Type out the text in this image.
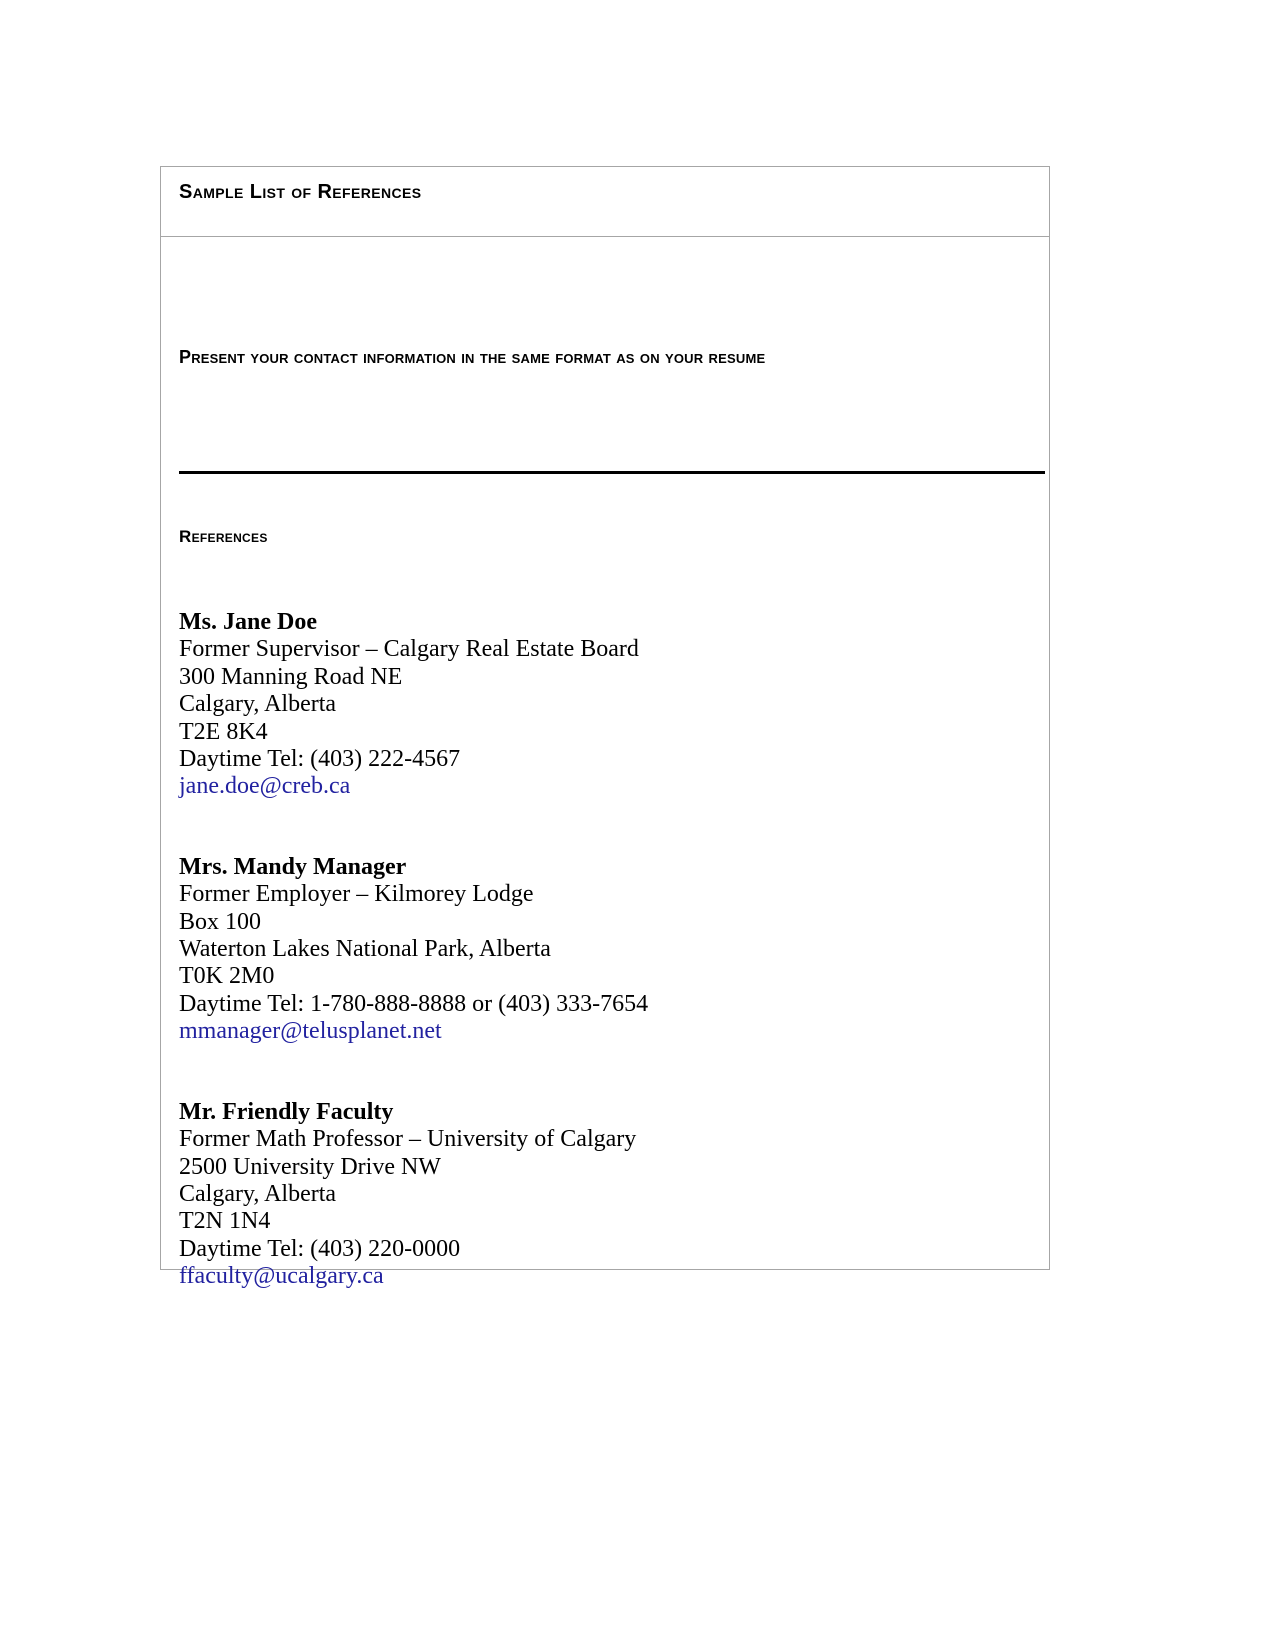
Sample List of References
Present your contact information in the same format as on your resume
References
Ms. Jane Doe
Former Supervisor – Calgary Real Estate Board
300 Manning Road NE
Calgary, Alberta
T2E 8K4
Daytime Tel: (403) 222-4567
jane.doe@creb.ca
Mrs. Mandy Manager
Former Employer – Kilmorey Lodge
Box 100
Waterton Lakes National Park, Alberta
T0K 2M0
Daytime Tel: 1-780-888-8888 or (403) 333-7654
mmanager@telusplanet.net
Mr. Friendly Faculty
Former Math Professor – University of Calgary
2500 University Drive NW
Calgary, Alberta
T2N 1N4
Daytime Tel: (403) 220-0000
ffaculty@ucalgary.ca
